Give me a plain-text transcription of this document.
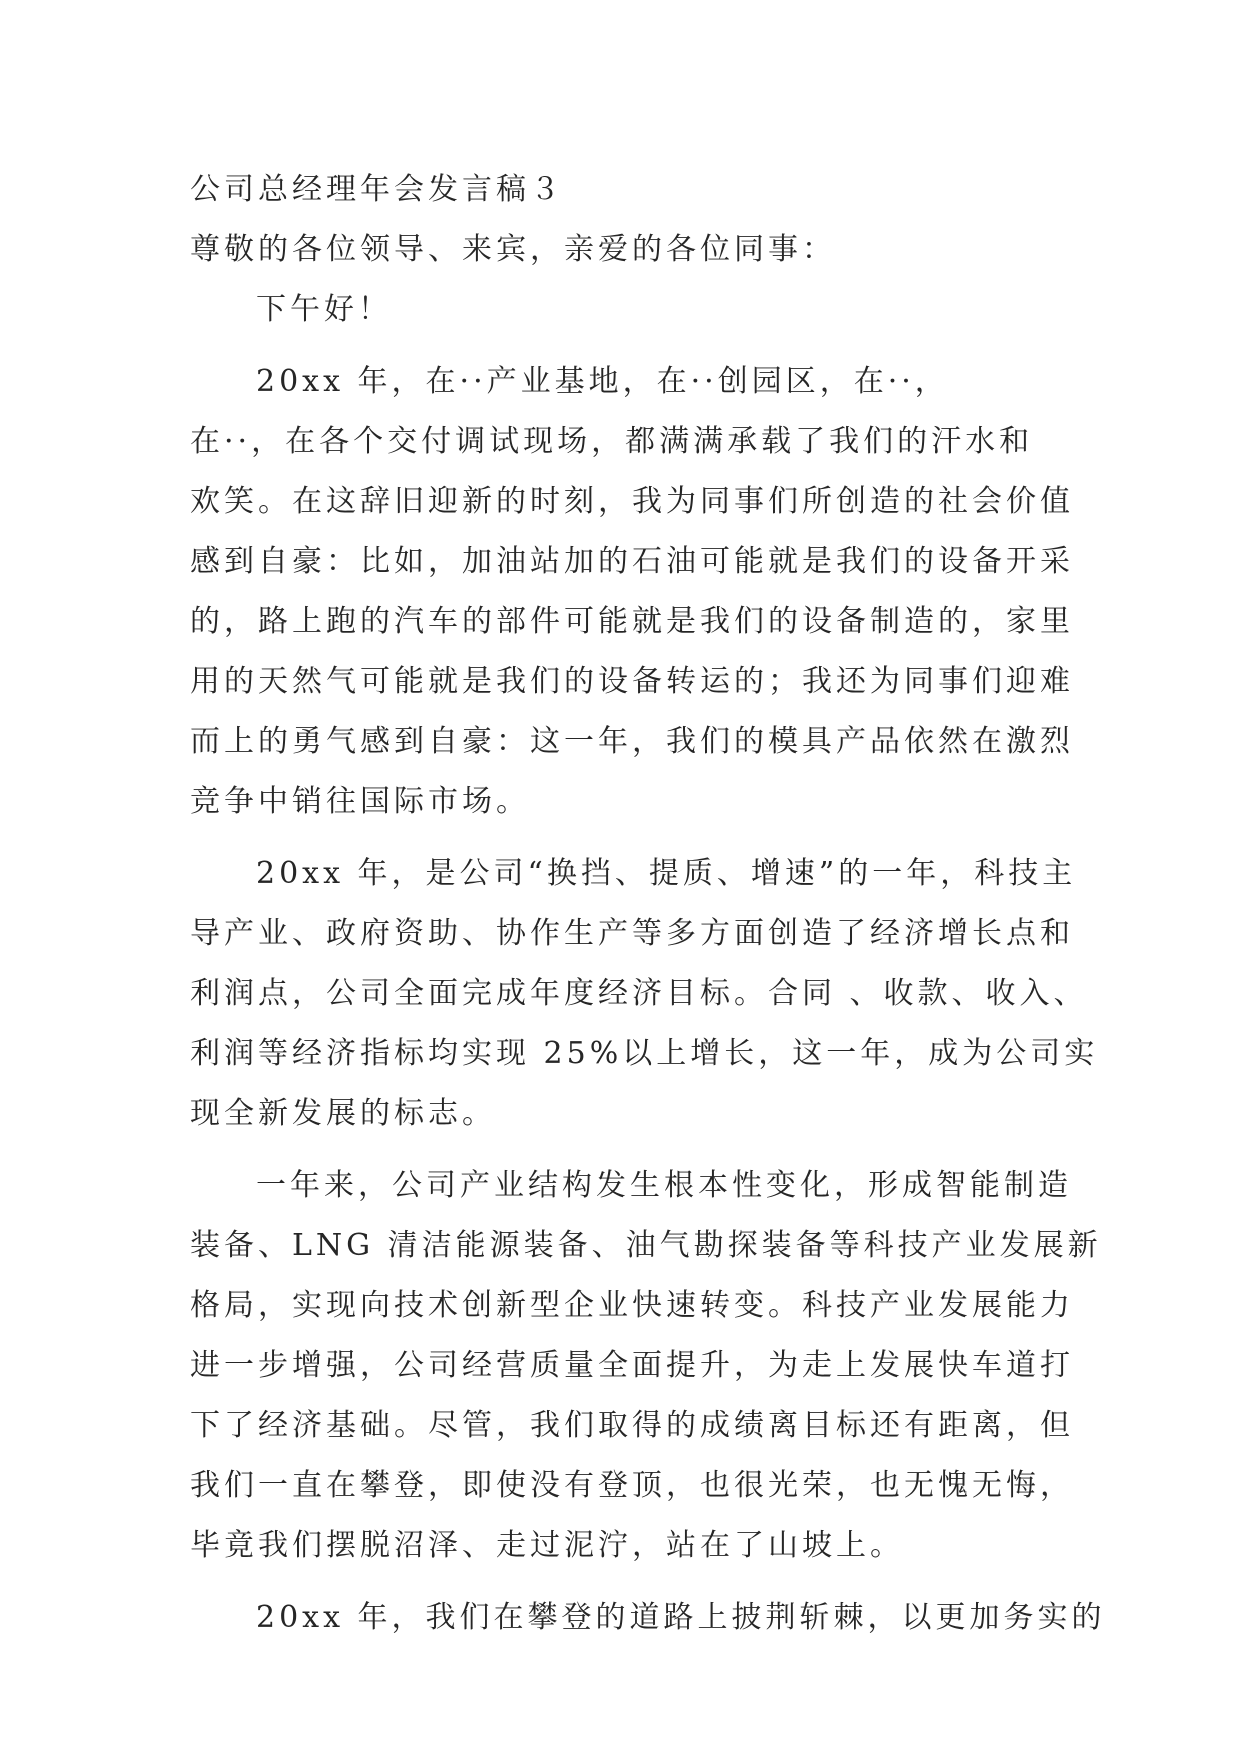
公司总经理年会发言稿３
尊敬的各位领导、来宾，亲爱的各位同事：
下午好！
20xx 年，在··产业基地，在··创园区，在··，
在··，在各个交付调试现场，都满满承载了我们的汗水和
欢笑。在这辞旧迎新的时刻，我为同事们所创造的社会价值
感到自豪：比如，加油站加的石油可能就是我们的设备开采
的，路上跑的汽车的部件可能就是我们的设备制造的，家里
用的天然气可能就是我们的设备转运的；我还为同事们迎难
而上的勇气感到自豪：这一年，我们的模具产品依然在激烈
竞争中销往国际市场。
20xx 年，是公司“换挡、提质、增速”的一年，科技主
导产业、政府资助、协作生产等多方面创造了经济增长点和
利润点，公司全面完成年度经济目标。合同 、收款、收入、
利润等经济指标均实现 25%以上增长，这一年，成为公司实
现全新发展的标志。
一年来，公司产业结构发生根本性变化，形成智能制造
装备、LNG 清洁能源装备、油气勘探装备等科技产业发展新
格局，实现向技术创新型企业快速转变。科技产业发展能力
进一步增强，公司经营质量全面提升，为走上发展快车道打
下了经济基础。尽管，我们取得的成绩离目标还有距离，但
我们一直在攀登，即使没有登顶，也很光荣，也无愧无悔，
毕竟我们摆脱沼泽、走过泥泞，站在了山坡上。
20xx 年，我们在攀登的道路上披荆斩棘，以更加务实的
